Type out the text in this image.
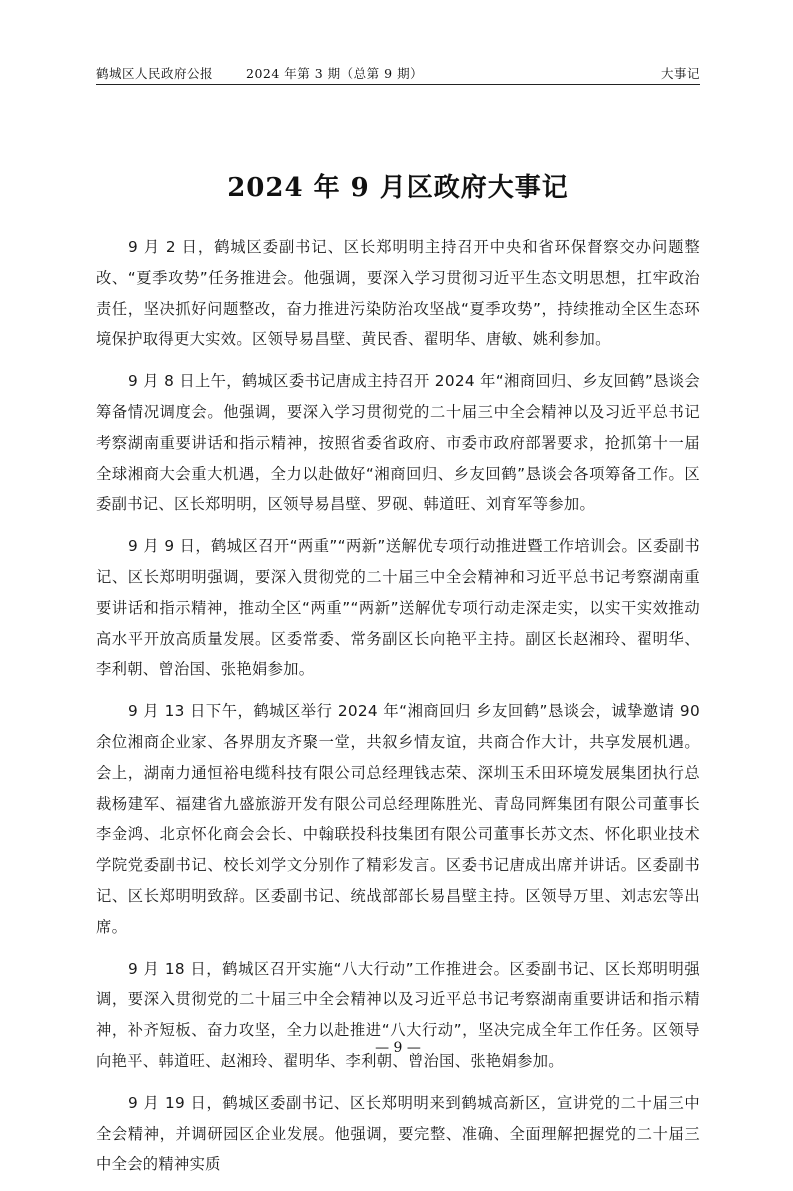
鹤城区人民政府公报	2024 年第 3 期（总第 9 期）	大事记
2024 年 9 月区政府大事记

9 月 2 日，鹤城区委副书记、区长郑明明主持召开中央和省环保督察交办问题整改、“夏季攻势”任务推进会。他强调，要深入学习贯彻习近平生态文明思想，扛牢政治责任，坚决抓好问题整改，奋力推进污染防治攻坚战“夏季攻势”，持续推动全区生态环境保护取得更大实效。区领导易昌壁、黄民香、翟明华、唐敏、姚利参加。

9 月 8 日上午，鹤城区委书记唐成主持召开 2024 年“湘商回归、乡友回鹤”恳谈会筹备情况调度会。他强调，要深入学习贯彻党的二十届三中全会精神以及习近平总书记考察湖南重要讲话和指示精神，按照省委省政府、市委市政府部署要求，抢抓第十一届全球湘商大会重大机遇，全力以赴做好“湘商回归、乡友回鹤”恳谈会各项筹备工作。区委副书记、区长郑明明，区领导易昌壁、罗砚、韩道旺、刘育军等参加。

9 月 9 日，鹤城区召开“两重”“两新”送解优专项行动推进暨工作培训会。区委副书记、区长郑明明强调，要深入贯彻党的二十届三中全会精神和习近平总书记考察湖南重要讲话和指示精神，推动全区“两重”“两新”送解优专项行动走深走实，以实干实效推动高水平开放高质量发展。区委常委、常务副区长向艳平主持。副区长赵湘玲、翟明华、李利朝、曾治国、张艳娟参加。

9 月 13 日下午，鹤城区举行 2024 年“湘商回归 乡友回鹤”恳谈会，诚挚邀请 90 余位湘商企业家、各界朋友齐聚一堂，共叙乡情友谊，共商合作大计，共享发展机遇。会上，湖南力通恒裕电缆科技有限公司总经理钱志荣、深圳玉禾田环境发展集团执行总裁杨建军、福建省九盛旅游开发有限公司总经理陈胜光、青岛同辉集团有限公司董事长李金鸿、北京怀化商会会长、中翰联投科技集团有限公司董事长苏文杰、怀化职业技术学院党委副书记、校长刘学文分别作了精彩发言。区委书记唐成出席并讲话。区委副书记、区长郑明明致辞。区委副书记、统战部部长易昌壁主持。区领导万里、刘志宏等出席。

9 月 18 日，鹤城区召开实施“八大行动”工作推进会。区委副书记、区长郑明明强调，要深入贯彻党的二十届三中全会精神以及习近平总书记考察湖南重要讲话和指示精神，补齐短板、奋力攻坚，全力以赴推进“八大行动”，坚决完成全年工作任务。区领导向艳平、韩道旺、赵湘玲、翟明华、李利朝、曾治国、张艳娟参加。

9 月 19 日，鹤城区委副书记、区长郑明明来到鹤城高新区，宣讲党的二十届三中全会精神，并调研园区企业发展。他强调，要完整、准确、全面理解把握党的二十届三中全会的精神实质

— 9 —
